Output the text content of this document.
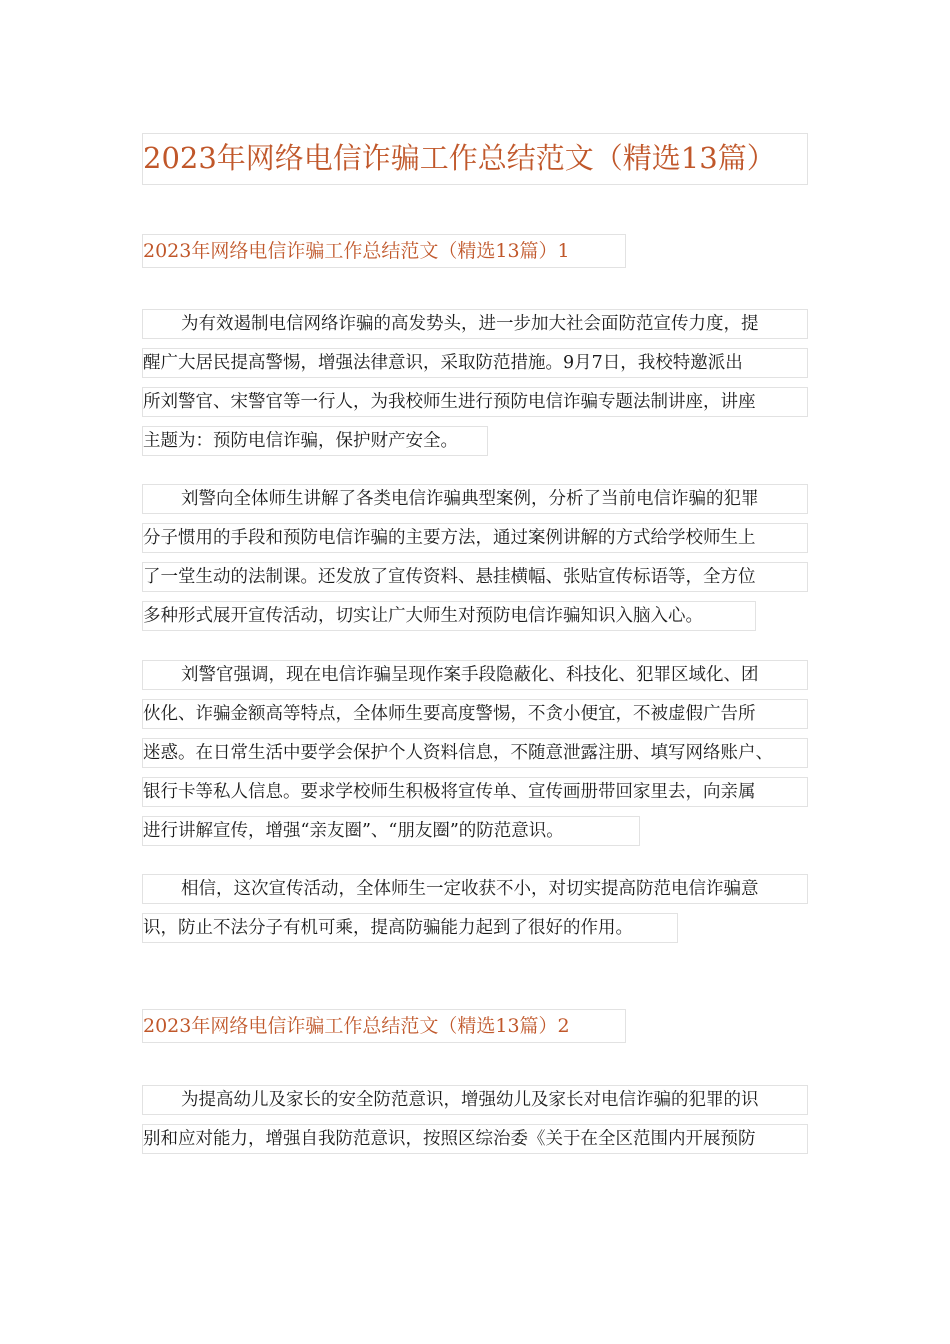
2023年网络电信诈骗工作总结范文（精选13篇）
2023年网络电信诈骗工作总结范文（精选13篇）1
为有效遏制电信网络诈骗的高发势头，进一步加大社会面防范宣传力度，提
醒广大居民提高警惕，增强法律意识，采取防范措施。9月7日，我校特邀派出
所刘警官、宋警官等一行人，为我校师生进行预防电信诈骗专题法制讲座，讲座
主题为：预防电信诈骗，保护财产安全。
刘警向全体师生讲解了各类电信诈骗典型案例，分析了当前电信诈骗的犯罪
分子惯用的手段和预防电信诈骗的主要方法，通过案例讲解的方式给学校师生上
了一堂生动的法制课。还发放了宣传资料、悬挂横幅、张贴宣传标语等，全方位
多种形式展开宣传活动，切实让广大师生对预防电信诈骗知识入脑入心。
刘警官强调，现在电信诈骗呈现作案手段隐蔽化、科技化、犯罪区域化、团
伙化、诈骗金额高等特点，全体师生要高度警惕，不贪小便宜，不被虚假广告所
迷惑。在日常生活中要学会保护个人资料信息，不随意泄露注册、填写网络账户、
银行卡等私人信息。要求学校师生积极将宣传单、宣传画册带回家里去，向亲属
进行讲解宣传，增强“亲友圈”、“朋友圈”的防范意识。
相信，这次宣传活动，全体师生一定收获不小，对切实提高防范电信诈骗意
识，防止不法分子有机可乘，提高防骗能力起到了很好的作用。
2023年网络电信诈骗工作总结范文（精选13篇）2
为提高幼儿及家长的安全防范意识，增强幼儿及家长对电信诈骗的犯罪的识
别和应对能力，增强自我防范意识，按照区综治委《关于在全区范围内开展预防
